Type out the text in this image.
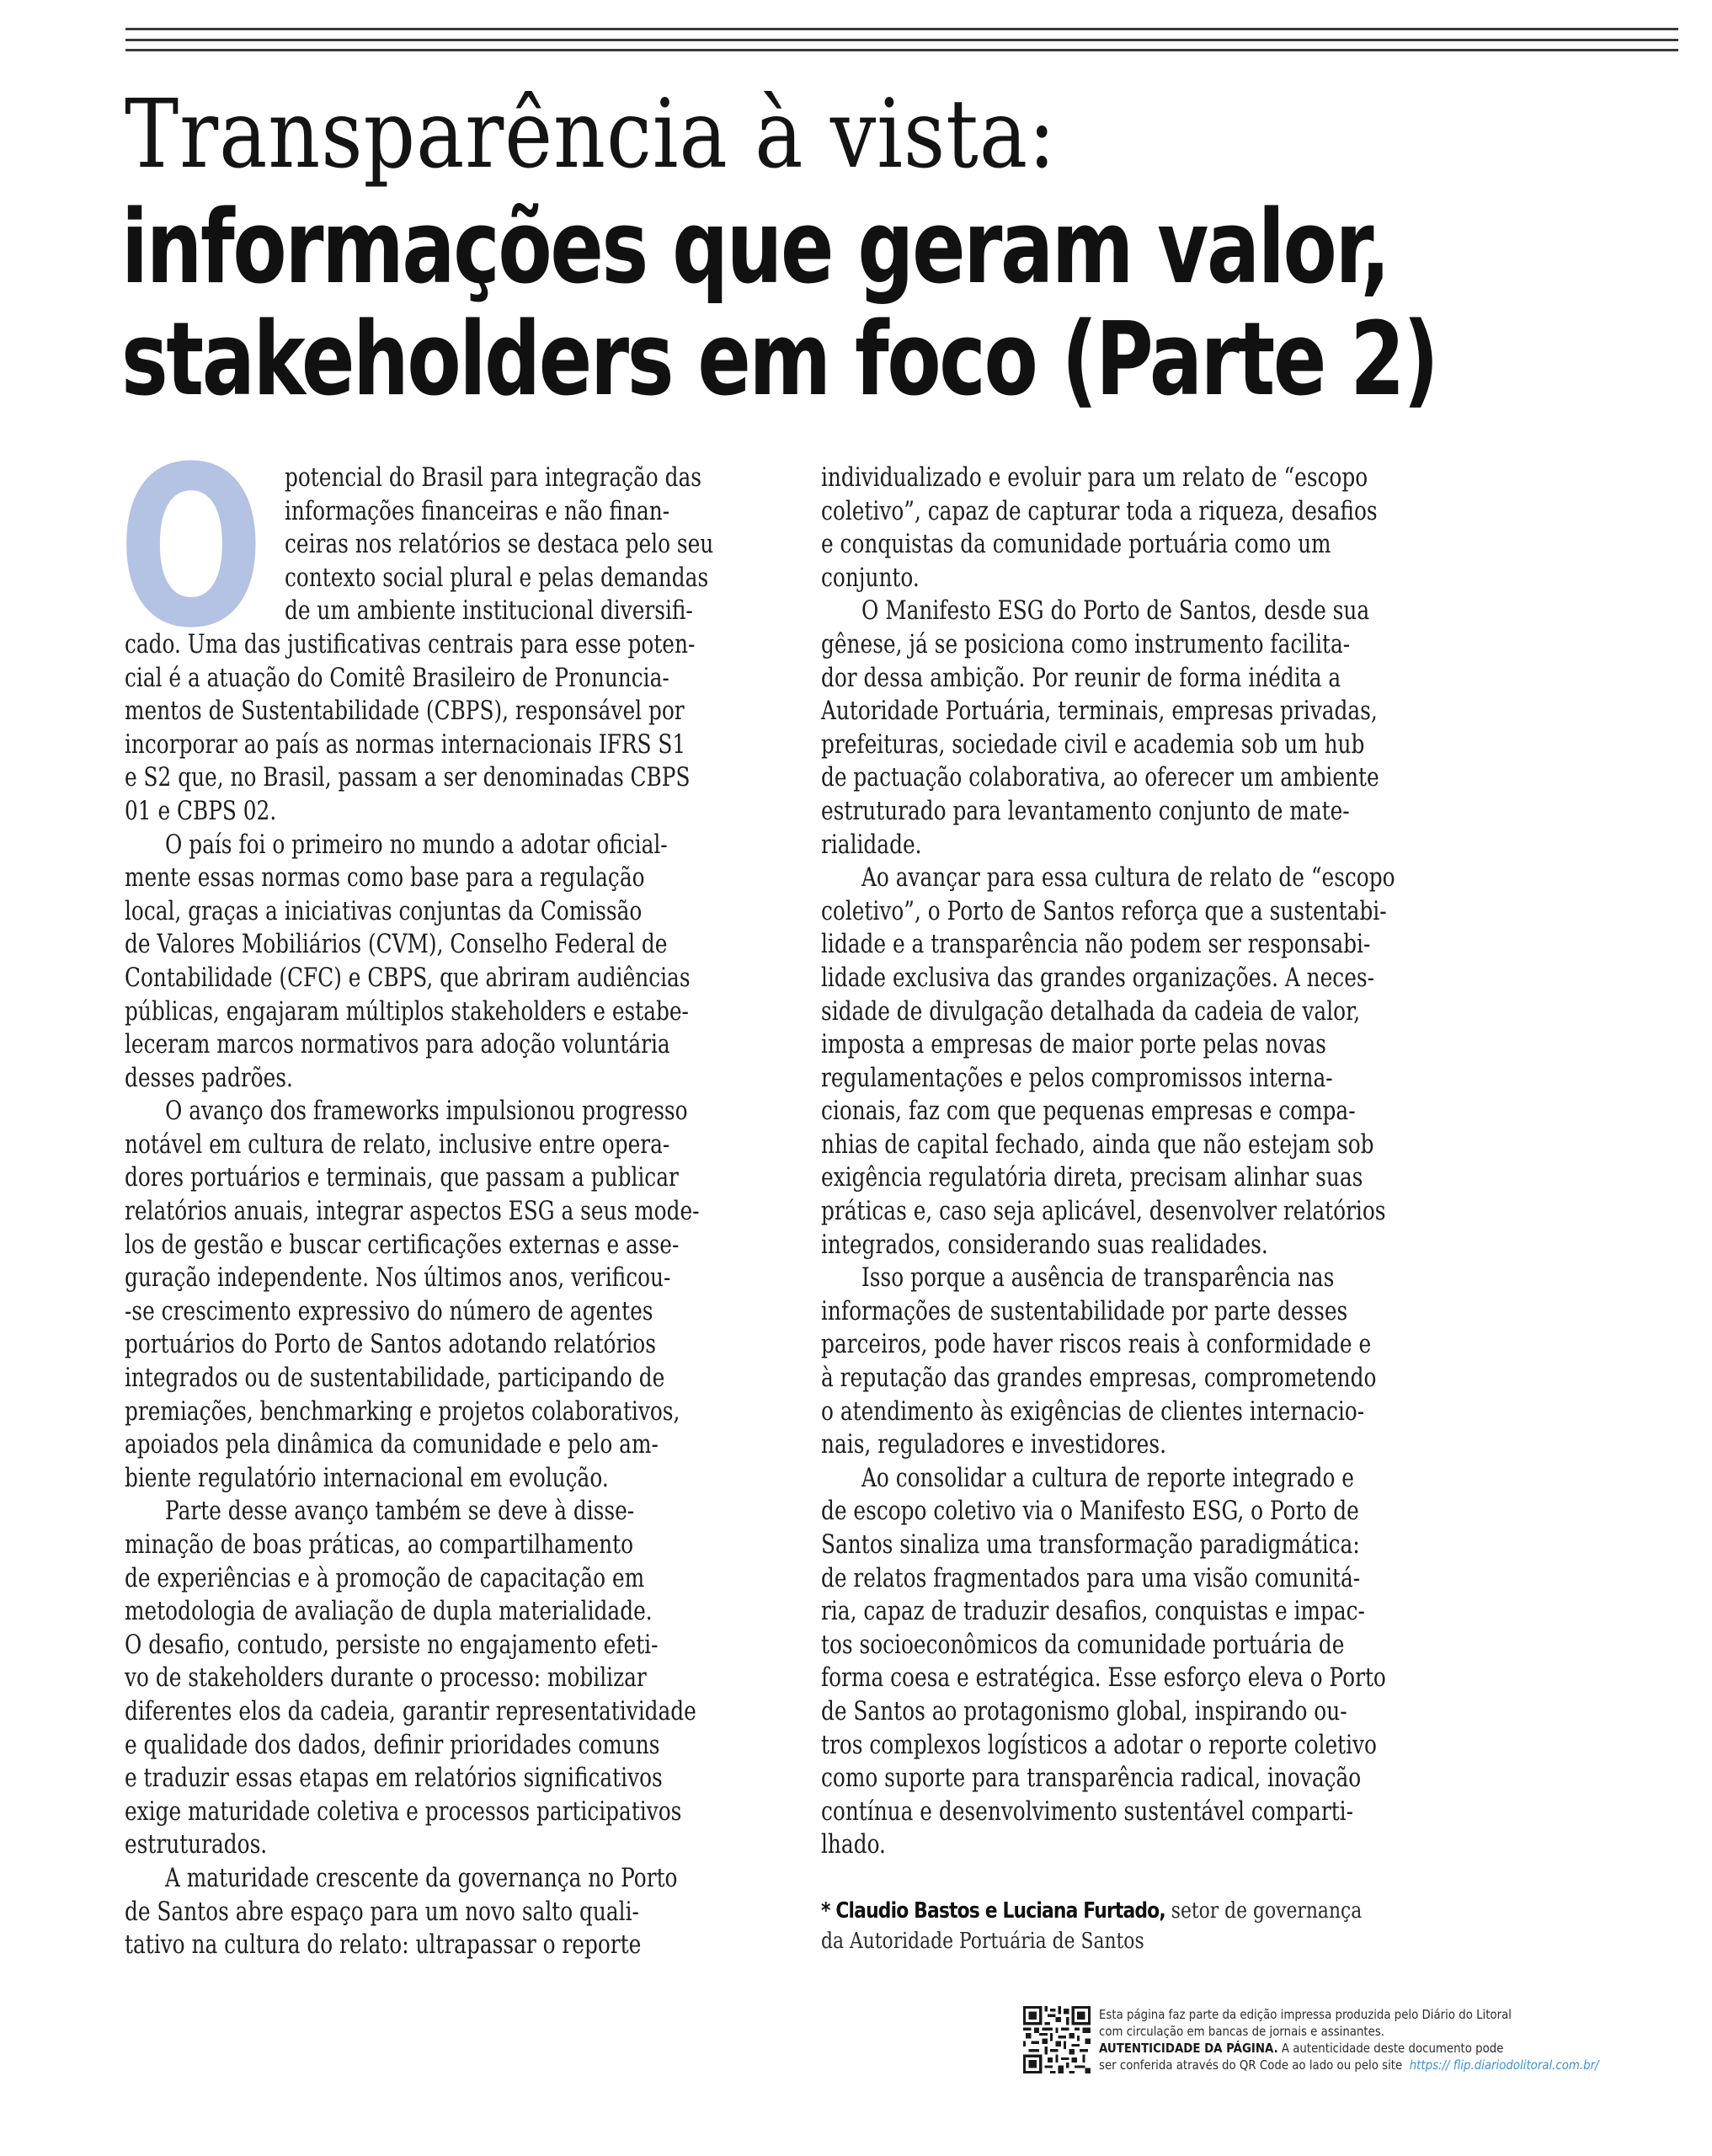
Transparência à vista:
informações que geram valor,
stakeholders em foco (Parte 2)
O potencial do Brasil para integração das
informações financeiras e não finan-
ceiras nos relatórios se destaca pelo seu
contexto social plural e pelas demandas
de um ambiente institucional diversifi-
cado. Uma das justificativas centrais para esse poten-
cial é a atuação do Comitê Brasileiro de Pronuncia-
mentos de Sustentabilidade (CBPS), responsável por
incorporar ao país as normas internacionais IFRS S1
e S2 que, no Brasil, passam a ser denominadas CBPS
01 e CBPS 02.
O país foi o primeiro no mundo a adotar oficial-
mente essas normas como base para a regulação
local, graças a iniciativas conjuntas da Comissão
de Valores Mobiliários (CVM), Conselho Federal de
Contabilidade (CFC) e CBPS, que abriram audiências
públicas, engajaram múltiplos stakeholders e estabe-
leceram marcos normativos para adoção voluntária
desses padrões.
O avanço dos frameworks impulsionou progresso
notável em cultura de relato, inclusive entre opera-
dores portuários e terminais, que passam a publicar
relatórios anuais, integrar aspectos ESG a seus mode-
los de gestão e buscar certificações externas e asse-
guração independente. Nos últimos anos, verificou-
-se crescimento expressivo do número de agentes
portuários do Porto de Santos adotando relatórios
integrados ou de sustentabilidade, participando de
premiações, benchmarking e projetos colaborativos,
apoiados pela dinâmica da comunidade e pelo am-
biente regulatório internacional em evolução.
Parte desse avanço também se deve à disse-
minação de boas práticas, ao compartilhamento
de experiências e à promoção de capacitação em
metodologia de avaliação de dupla materialidade.
O desafio, contudo, persiste no engajamento efeti-
vo de stakeholders durante o processo: mobilizar
diferentes elos da cadeia, garantir representatividade
e qualidade dos dados, definir prioridades comuns
e traduzir essas etapas em relatórios significativos
exige maturidade coletiva e processos participativos
estruturados.
A maturidade crescente da governança no Porto
de Santos abre espaço para um novo salto quali-
tativo na cultura do relato: ultrapassar o reporte
individualizado e evoluir para um relato de “escopo
coletivo”, capaz de capturar toda a riqueza, desafios
e conquistas da comunidade portuária como um
conjunto.
O Manifesto ESG do Porto de Santos, desde sua
gênese, já se posiciona como instrumento facilita-
dor dessa ambição. Por reunir de forma inédita a
Autoridade Portuária, terminais, empresas privadas,
prefeituras, sociedade civil e academia sob um hub
de pactuação colaborativa, ao oferecer um ambiente
estruturado para levantamento conjunto de mate-
rialidade.
Ao avançar para essa cultura de relato de “escopo
coletivo”, o Porto de Santos reforça que a sustentabi-
lidade e a transparência não podem ser responsabi-
lidade exclusiva das grandes organizações. A neces-
sidade de divulgação detalhada da cadeia de valor,
imposta a empresas de maior porte pelas novas
regulamentações e pelos compromissos interna-
cionais, faz com que pequenas empresas e compa-
nhias de capital fechado, ainda que não estejam sob
exigência regulatória direta, precisam alinhar suas
práticas e, caso seja aplicável, desenvolver relatórios
integrados, considerando suas realidades.
Isso porque a ausência de transparência nas
informações de sustentabilidade por parte desses
parceiros, pode haver riscos reais à conformidade e
à reputação das grandes empresas, comprometendo
o atendimento às exigências de clientes internacio-
nais, reguladores e investidores.
Ao consolidar a cultura de reporte integrado e
de escopo coletivo via o Manifesto ESG, o Porto de
Santos sinaliza uma transformação paradigmática:
de relatos fragmentados para uma visão comunitá-
ria, capaz de traduzir desafios, conquistas e impac-
tos socioeconômicos da comunidade portuária de
forma coesa e estratégica. Esse esforço eleva o Porto
de Santos ao protagonismo global, inspirando ou-
tros complexos logísticos a adotar o reporte coletivo
como suporte para transparência radical, inovação
contínua e desenvolvimento sustentável comparti-
lhado.
* Claudio Bastos e Luciana Furtado, setor de governança
da Autoridade Portuária de Santos
Esta página faz parte da edição impressa produzida pelo Diário do Litoral
com circulação em bancas de jornais e assinantes.
AUTENTICIDADE DA PÁGINA. A autenticidade deste documento pode
ser conferida através do QR Code ao lado ou pelo site https:// flip.diariodolitoral.com.br/
